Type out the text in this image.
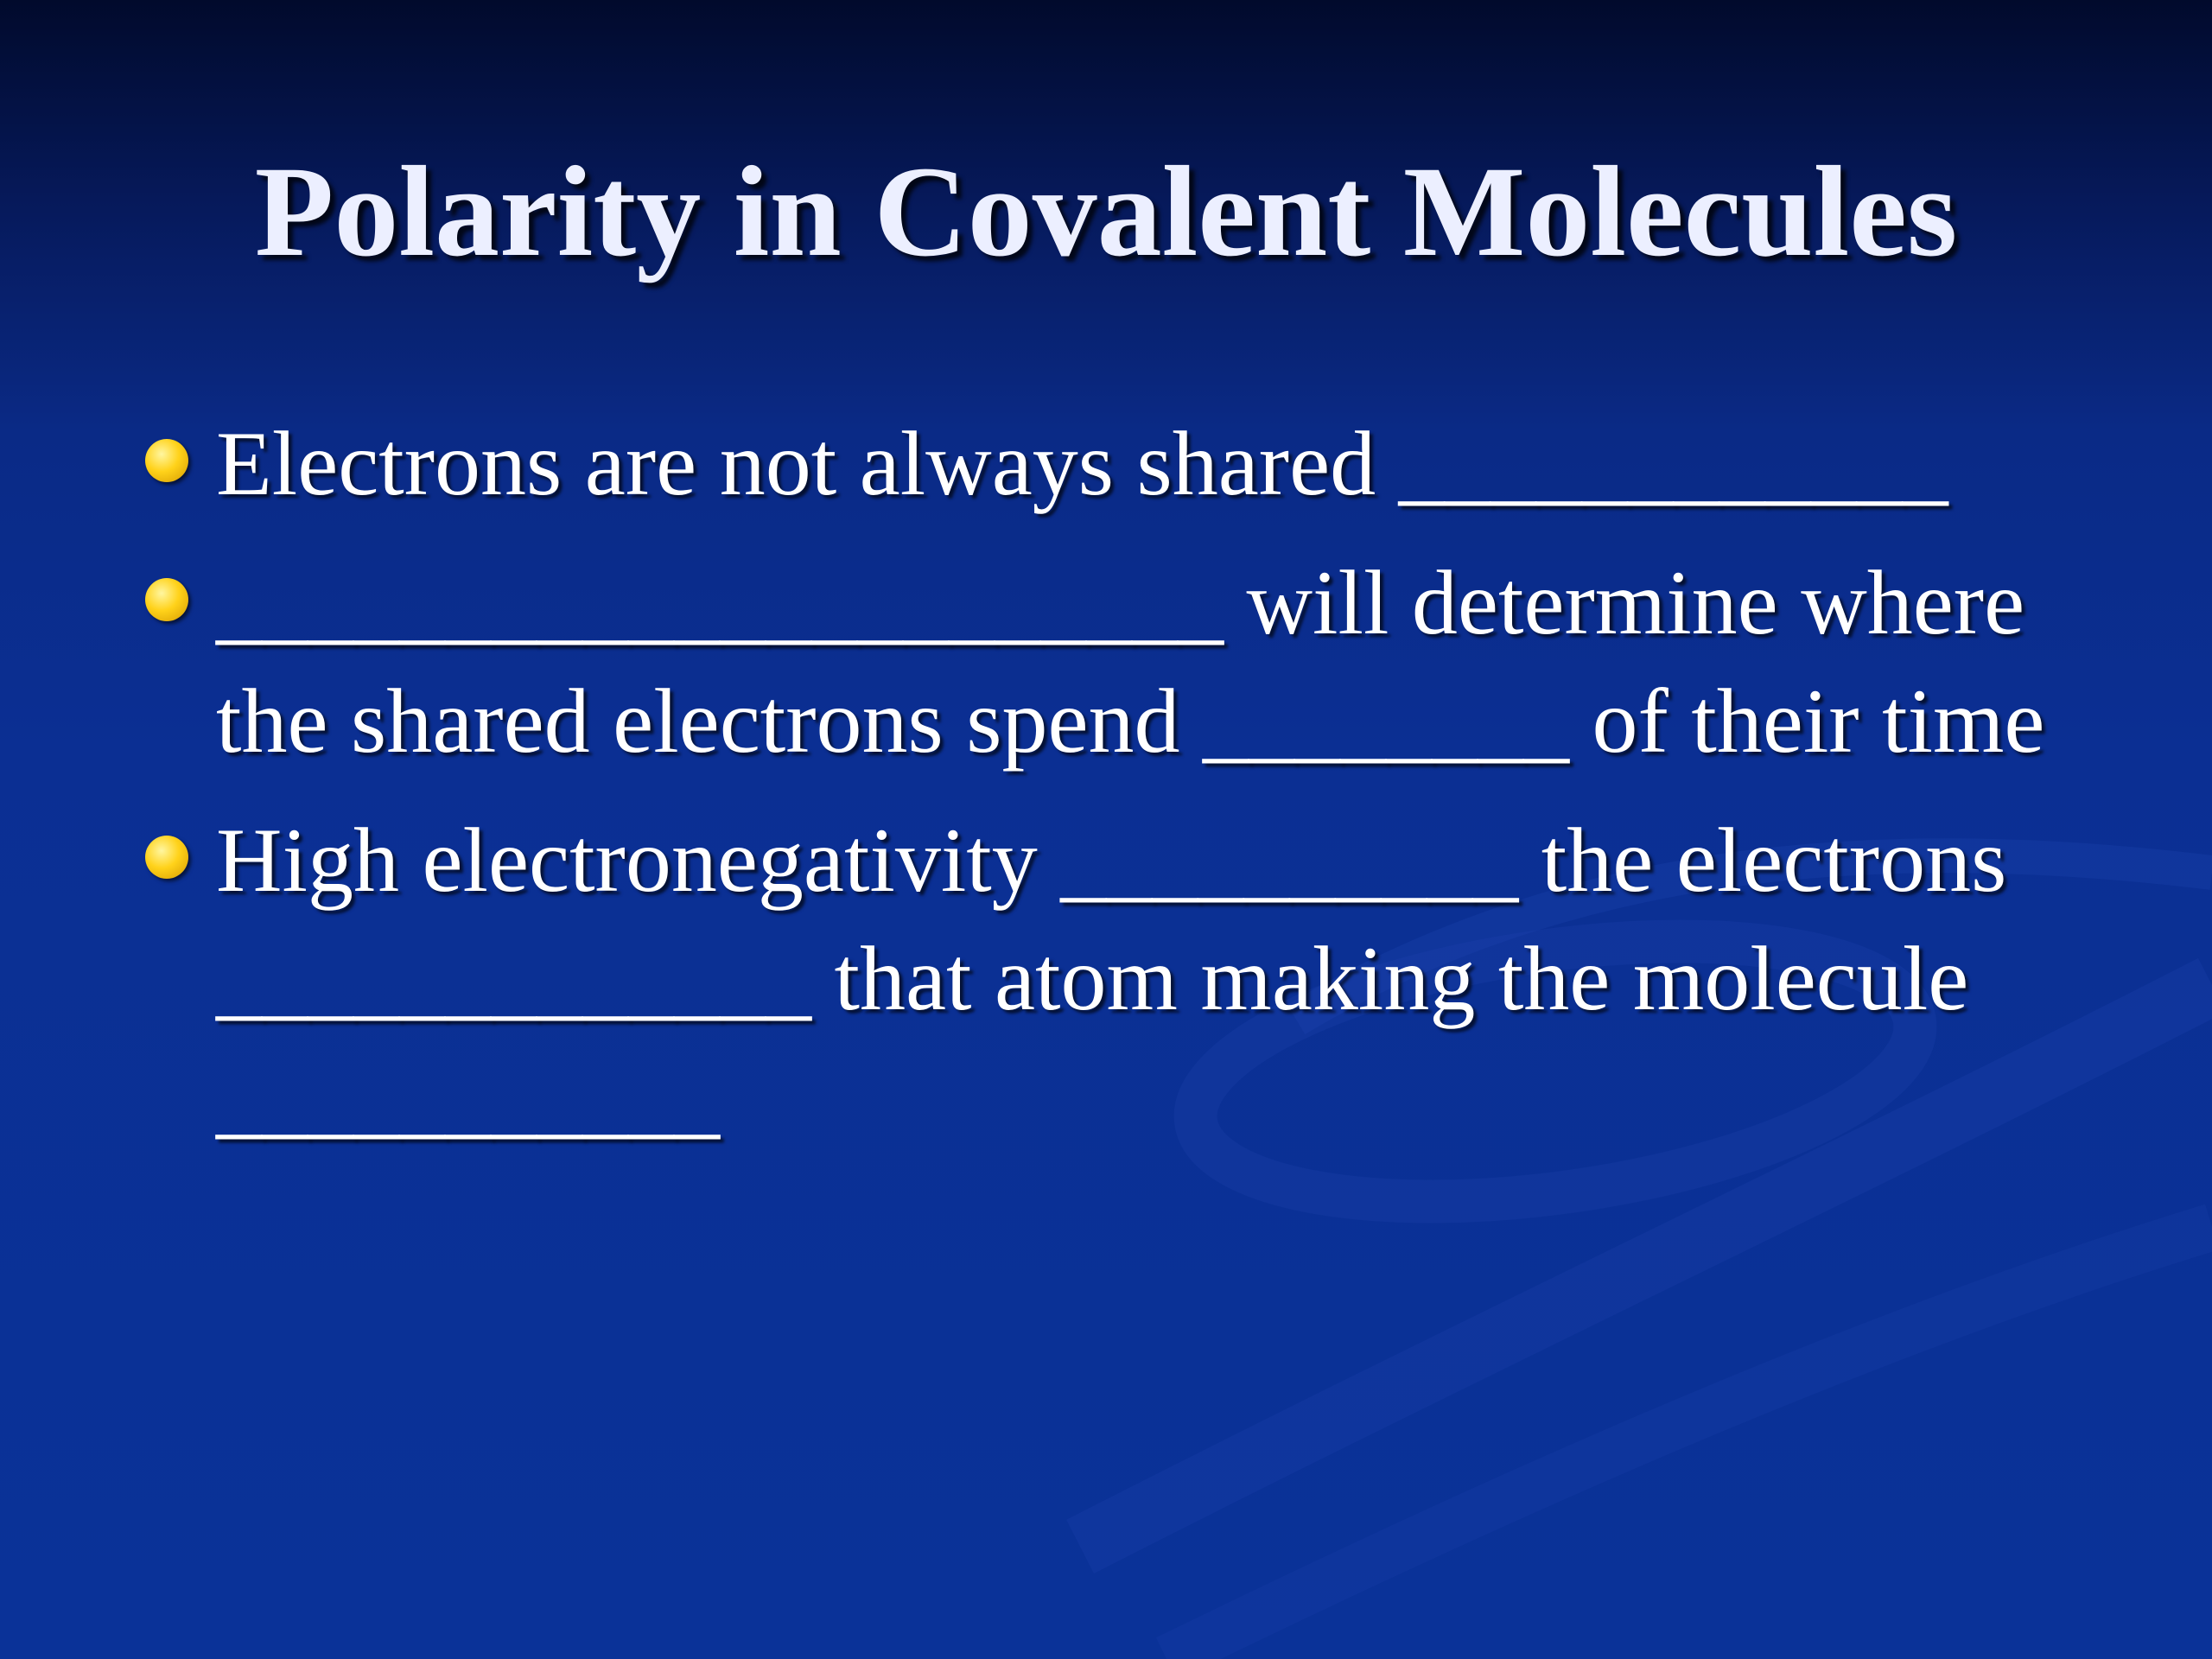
Polarity in Covalent Molecules
Electrons are not always shared ____________
______________________ will determine where the shared electrons spend ________ of their time
High electronegativity __________ the electrons _____________ that atom making the molecule ___________
